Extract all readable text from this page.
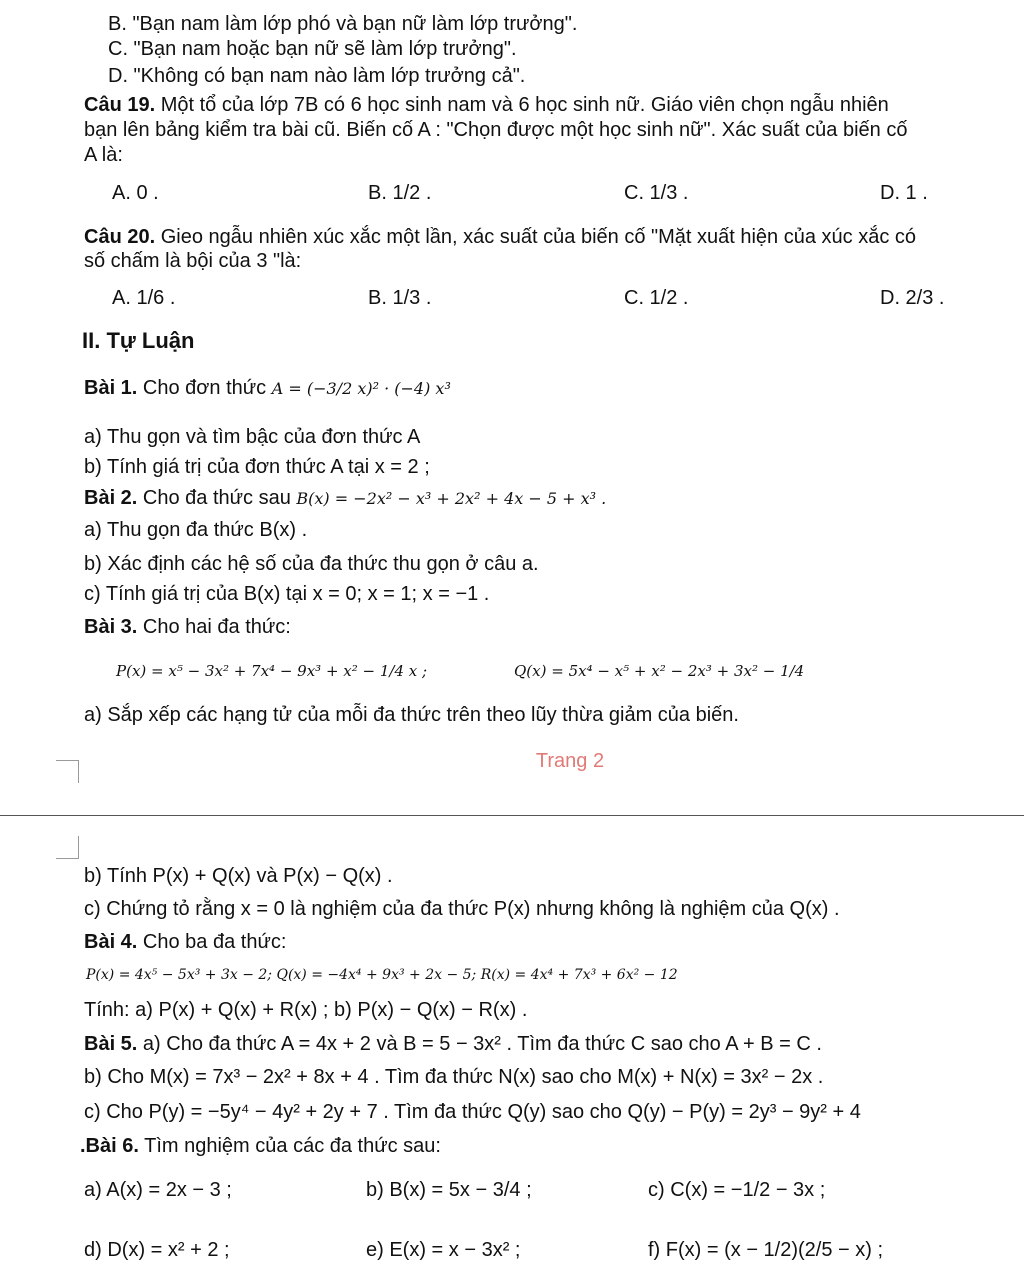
B. "Bạn nam làm lớp phó và bạn nữ làm lớp trưởng".
C. "Bạn nam hoặc bạn nữ sẽ làm lớp trưởng".
D. "Không có bạn nam nào làm lớp trưởng cả".
Câu 19. Một tổ của lớp 7B có 6 học sinh nam và 6 học sinh nữ. Giáo viên chọn ngẫu nhiên
bạn lên bảng kiểm tra bài cũ. Biến cố A : "Chọn được một học sinh nữ". Xác suất của biến cố
A là:
A. 0 .	B. 1/2 .	C. 1/3 .	D. 1 .
Câu 20. Gieo ngẫu nhiên xúc xắc một lần, xác suất của biến cố "Mặt xuất hiện của xúc xắc có
số chấm là bội của 3 "là:
A. 1/6 .	B. 1/3 .	C. 1/2 .	D. 2/3 .
II. Tự Luận
Bài 1. Cho đơn thức A = (−3/2 x)² · (−4) x³
a) Thu gọn và tìm bậc của đơn thức A
b) Tính giá trị của đơn thức A tại x = 2 ;
Bài 2. Cho đa thức sau B(x) = −2x² − x³ + 2x² + 4x − 5 + x³ .
a) Thu gọn đa thức B(x) .
b) Xác định các hệ số của đa thức thu gọn ở câu a.
c) Tính giá trị của B(x) tại x = 0; x = 1; x = −1 .
Bài 3. Cho hai đa thức:
P(x) = x⁵ − 3x² + 7x⁴ − 9x³ + x² − 1/4 x ;	Q(x) = 5x⁴ − x⁵ + x² − 2x³ + 3x² − 1/4
a) Sắp xếp các hạng tử của mỗi đa thức trên theo lũy thừa giảm của biến.
Trang 2
b) Tính P(x) + Q(x) và P(x) − Q(x) .
c) Chứng tỏ rằng x = 0 là nghiệm của đa thức P(x) nhưng không là nghiệm của Q(x) .
Bài 4. Cho ba đa thức:
P(x) = 4x⁵ − 5x³ + 3x − 2; Q(x) = −4x⁴ + 9x³ + 2x − 5; R(x) = 4x⁴ + 7x³ + 6x² − 12
Tính: a) P(x) + Q(x) + R(x) ; b) P(x) − Q(x) − R(x) .
Bài 5. a) Cho đa thức A = 4x + 2 và B = 5 − 3x² . Tìm đa thức C sao cho A + B = C .
b) Cho M(x) = 7x³ − 2x² + 8x + 4 . Tìm đa thức N(x) sao cho M(x) + N(x) = 3x² − 2x .
c) Cho P(y) = −5y⁴ − 4y² + 2y + 7 . Tìm đa thức Q(y) sao cho Q(y) − P(y) = 2y³ − 9y² + 4
.Bài 6. Tìm nghiệm của các đa thức sau:
a) A(x) = 2x − 3 ;	b) B(x) = 5x − 3/4 ;	c) C(x) = −1/2 − 3x ;
d) D(x) = x² + 2 ;	e) E(x) = x − 3x² ;	f) F(x) = (x − 1/2)(2/5 − x) ;
